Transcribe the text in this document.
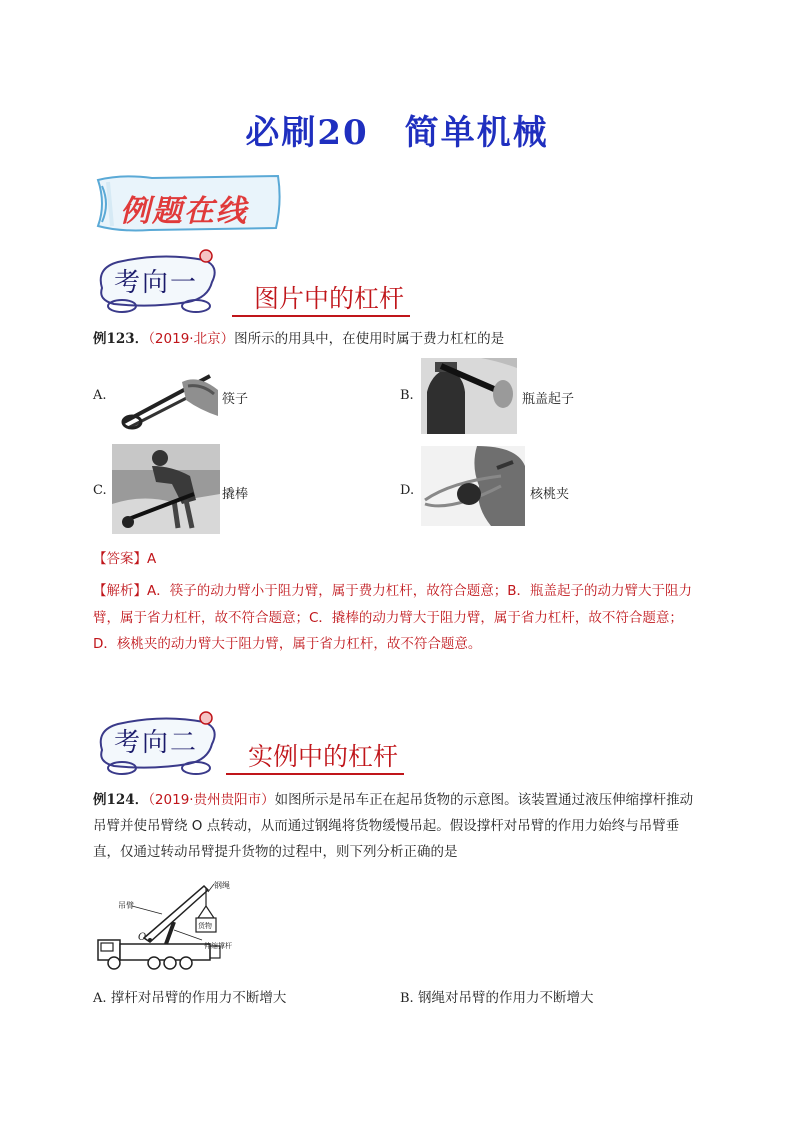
必刷20　简单机械
例题在线
考向一
图片中的杠杆
例123．（2019·北京）图所示的用具中，在使用时属于费力杠杠的是
A.	筷子	B.	瓶盖起子
C.	撬棒	D.	核桃夹
【答案】A
【解析】A．筷子的动力臂小于阻力臂，属于费力杠杆，故符合题意；B．瓶盖起子的动力臂大于阻力臂，属于省力杠杆，故不符合题意；C．撬棒的动力臂大于阻力臂，属于省力杠杆，故不符合题意；D．核桃夹的动力臂大于阻力臂，属于省力杠杆，故不符合题意。
考向二	实例中的杠杆
例124．（2019·贵州贵阳市）如图所示是吊车正在起吊货物的示意图。该装置通过液压伸缩撑杆推动吊臂并使吊臂绕 O 点转动，从而通过钢绳将货物缓慢吊起。假设撑杆对吊臂的作用力始终与吊臂垂直，仅通过转动吊臂提升货物的过程中，则下列分析正确的是
吊臂
钢绳
货物
伸缩撑杆
O
A. 撑杆对吊臂的作用力不断增大	B. 钢绳对吊臂的作用力不断增大
